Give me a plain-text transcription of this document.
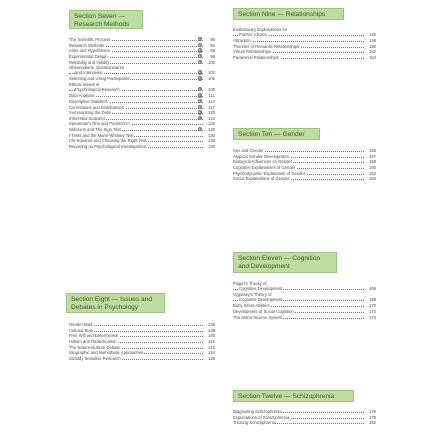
Section Seven —
Research Methods
The Scientific Process	●	90
Research Methods	●	92
Aims and Hypotheses	●	96
Experimental Design	●	98
Reliability and Validity	●	100
Observations, Questionnaires
and Interviews	●	102
Selecting and Using Participants	●	105
Ethical Issues in
Psychological Research	●	108
Data Analysis	●	111
Descriptive Statistics	●	114
Correlations and Distributions	●	117
Summarising the Data	●	120
Inferential Statistics	●	123
Spearman's Rho and Pearson's r	126
Wilcoxon and The Sign Test	●	128
t-Tests and the Mann-Whitney Test	130
Chi-Squared and Choosing the Right Test	132
Reporting on Psychological Investigations	134
Section Eight — Issues and
Debates in Psychology
Gender Bias	136
Cultural Bias	138
Free Will and Determinism	140
Holism and Reductionism	141
The Nature-Nurture Debate	142
Idiographic and Nomothetic Approaches	144
Socially Sensitive Research	145
Section Nine — Relationships
Evolutionary Explanations for
Partner Choice	146
Attraction	148
Theories of Romantic Relationships	150
Virtual Relationships	152
Parasocial Relationships	154
Section Ten — Gender
Sex and Gender	156
Atypical Gender Development	157
Biological Influences on Gender	158
Cognitive Explanations of Gender	160
Psychodynamic Explanation of Gender	162
Social Explanations of Gender	164
Section Eleven — Cognition
and Development
Piaget's Theory of
Cognitive Development	166
Vygotsky's Theory of
Cognitive Development	168
Early Infant Abilities	170
Development of Social Cognition	172
The Mirror Neuron System	174
Section Twelve — Schizophrenia
Diagnosing Schizophrenia	176
Explanations of Schizophrenia	179
Treating Schizophrenia	182
